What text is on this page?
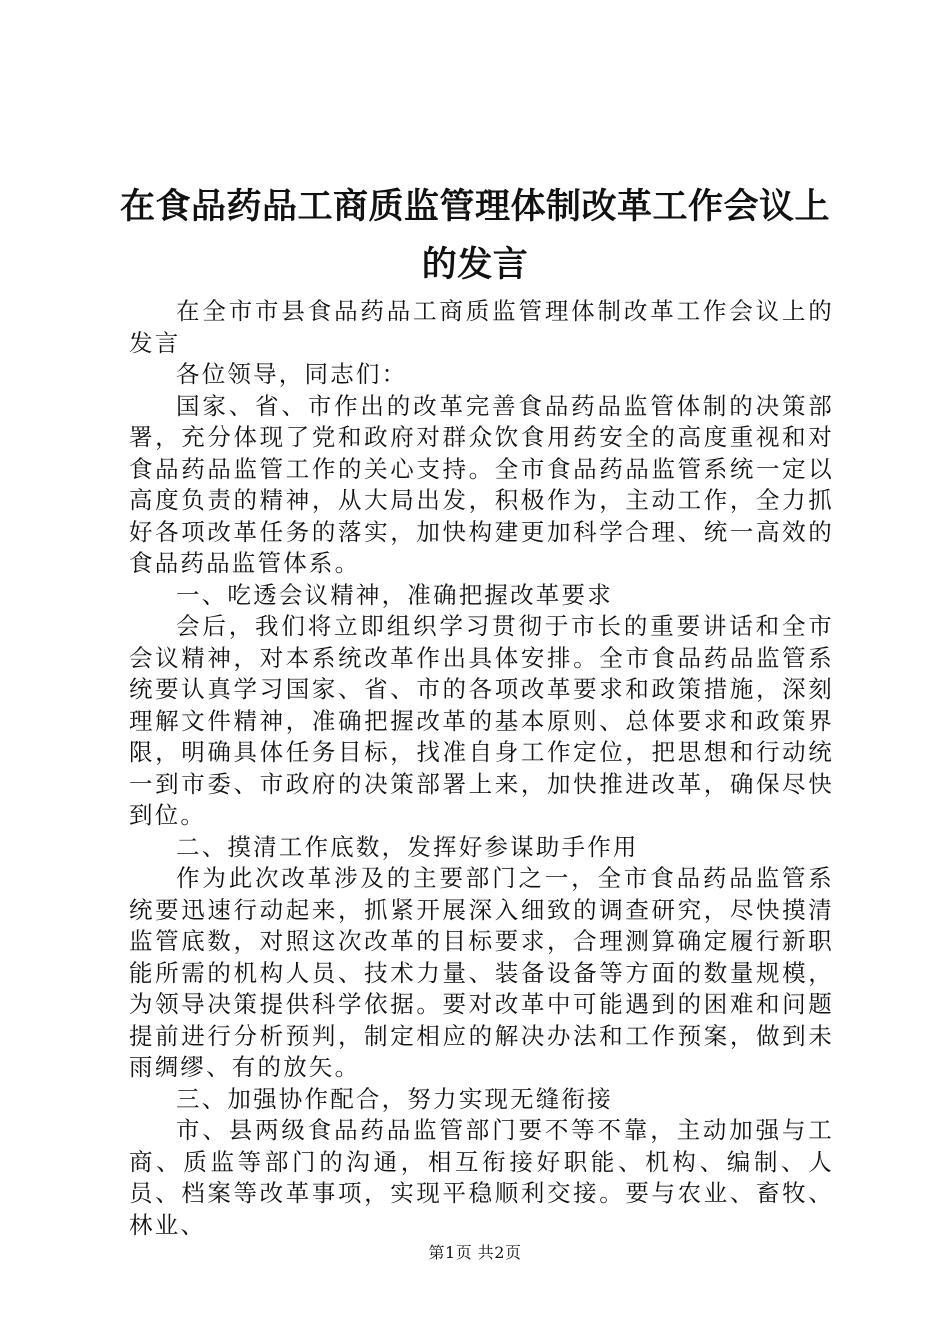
在食品药品工商质监管理体制改革工作会议上
的发言

在全市市县食品药品工商质监管理体制改革工作会议上的发言

各位领导，同志们：

国家、省、市作出的改革完善食品药品监管体制的决策部署，充分体现了党和政府对群众饮食用药安全的高度重视和对食品药品监管工作的关心支持。全市食品药品监管系统一定以高度负责的精神，从大局出发，积极作为，主动工作，全力抓好各项改革任务的落实，加快构建更加科学合理、统一高效的食品药品监管体系。

一、吃透会议精神，准确把握改革要求

会后，我们将立即组织学习贯彻于市长的重要讲话和全市会议精神，对本系统改革作出具体安排。全市食品药品监管系统要认真学习国家、省、市的各项改革要求和政策措施，深刻理解文件精神，准确把握改革的基本原则、总体要求和政策界限，明确具体任务目标，找准自身工作定位，把思想和行动统一到市委、市政府的决策部署上来，加快推进改革，确保尽快到位。

二、摸清工作底数，发挥好参谋助手作用

作为此次改革涉及的主要部门之一，全市食品药品监管系统要迅速行动起来，抓紧开展深入细致的调查研究，尽快摸清监管底数，对照这次改革的目标要求，合理测算确定履行新职能所需的机构人员、技术力量、装备设备等方面的数量规模，为领导决策提供科学依据。要对改革中可能遇到的困难和问题提前进行分析预判，制定相应的解决办法和工作预案，做到未雨绸缪、有的放矢。

三、加强协作配合，努力实现无缝衔接

市、县两级食品药品监管部门要不等不靠，主动加强与工商、质监等部门的沟通，相互衔接好职能、机构、编制、人员、档案等改革事项，实现平稳顺利交接。要与农业、畜牧、林业、

第1页 共2页
